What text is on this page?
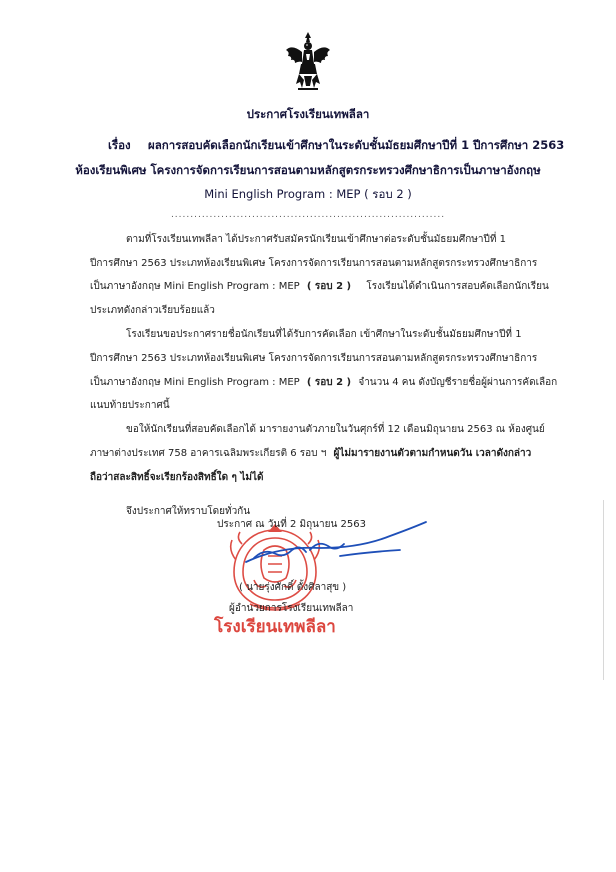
ประกาศโรงเรียนเทพลีลา
เรื่อง ผลการสอบคัดเลือกนักเรียนเข้าศึกษาในระดับชั้นมัธยมศึกษาปีที่ 1 ปีการศึกษา 2563
ห้องเรียนพิเศษ โครงการจัดการเรียนการสอนตามหลักสูตรกระทรวงศึกษาธิการเป็นภาษาอังกฤษ
Mini English Program : MEP ( รอบ 2 )
.......................................................................
ตามที่โรงเรียนเทพลีลา ได้ประกาศรับสมัครนักเรียนเข้าศึกษาต่อระดับชั้นมัธยมศึกษาปีที่ 1
ปีการศึกษา 2563 ประเภทห้องเรียนพิเศษ โครงการจัดการเรียนการสอนตามหลักสูตรกระทรวงศึกษาธิการ
เป็นภาษาอังกฤษ Mini English Program : MEP ( รอบ 2 ) โรงเรียนได้ดำเนินการสอบคัดเลือกนักเรียน
ประเภทดังกล่าวเรียบร้อยแล้ว
โรงเรียนขอประกาศรายชื่อนักเรียนที่ได้รับการคัดเลือก เข้าศึกษาในระดับชั้นมัธยมศึกษาปีที่ 1
ปีการศึกษา 2563 ประเภทห้องเรียนพิเศษ โครงการจัดการเรียนการสอนตามหลักสูตรกระทรวงศึกษาธิการ
เป็นภาษาอังกฤษ Mini English Program : MEP ( รอบ 2 ) จำนวน 4 คน ดังบัญชีรายชื่อผู้ผ่านการคัดเลือก
แนบท้ายประกาศนี้
ขอให้นักเรียนที่สอบคัดเลือกได้ มารายงานตัวภายในวันศุกร์ที่ 12 เดือนมิถุนายน 2563 ณ ห้องศูนย์
ภาษาต่างประเทศ 758 อาคารเฉลิมพระเกียรติ 6 รอบ ฯ ผู้ไม่มารายงานตัวตามกำหนดวัน เวลาดังกล่าว
ถือว่าสละสิทธิ์จะเรียกร้องสิทธิ์ใด ๆ ไม่ได้
จึงประกาศให้ทราบโดยทั่วกัน
โรงเรียนเทพลีลา
ประกาศ ณ วันที่ 2 มิถุนายน 2563
( นายรุ่งศักดิ์ ตั้งศิลาสุข )
ผู้อำนวยการโรงเรียนเทพลีลา
